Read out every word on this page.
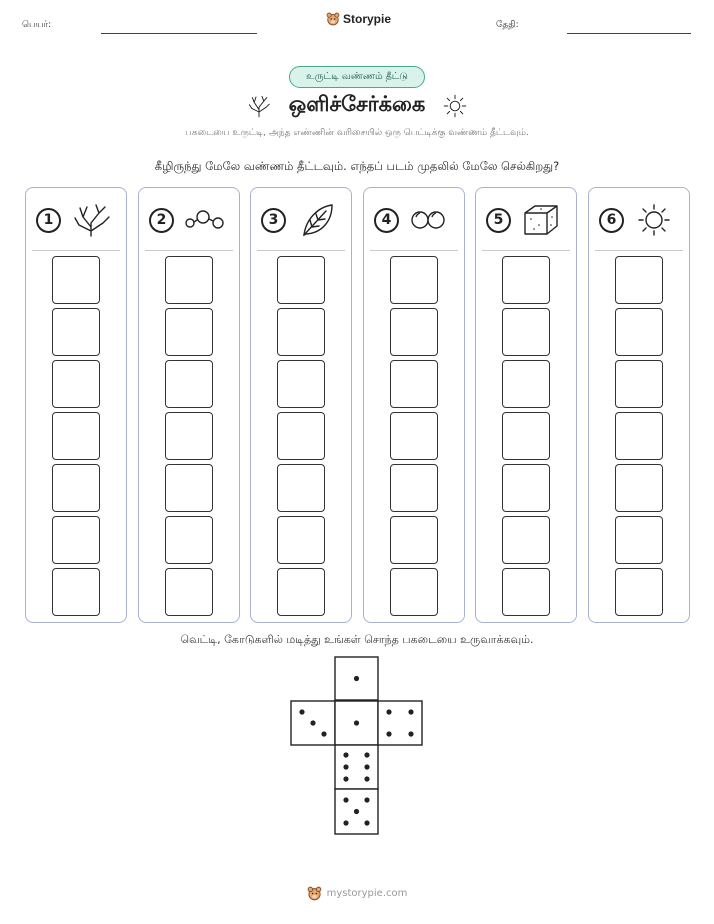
பெயர்:	Storypie	தேதி:
உருட்டி வண்ணம் தீட்டு
ஒளிச்சேர்க்கை
பகடையை உருட்டி, அந்த எண்ணின் வரிசையில் ஒரு பெட்டிக்கு வண்ணம் தீட்டவும்.
கீழிருந்து மேலே வண்ணம் தீட்டவும். எந்தப் படம் முதலில் மேலே செல்கிறது?
1	2	3	4	5	6
வெட்டி, கோடுகளில் மடித்து உங்கள் சொந்த பகடையை உருவாக்கவும்.
mystorypie.com
